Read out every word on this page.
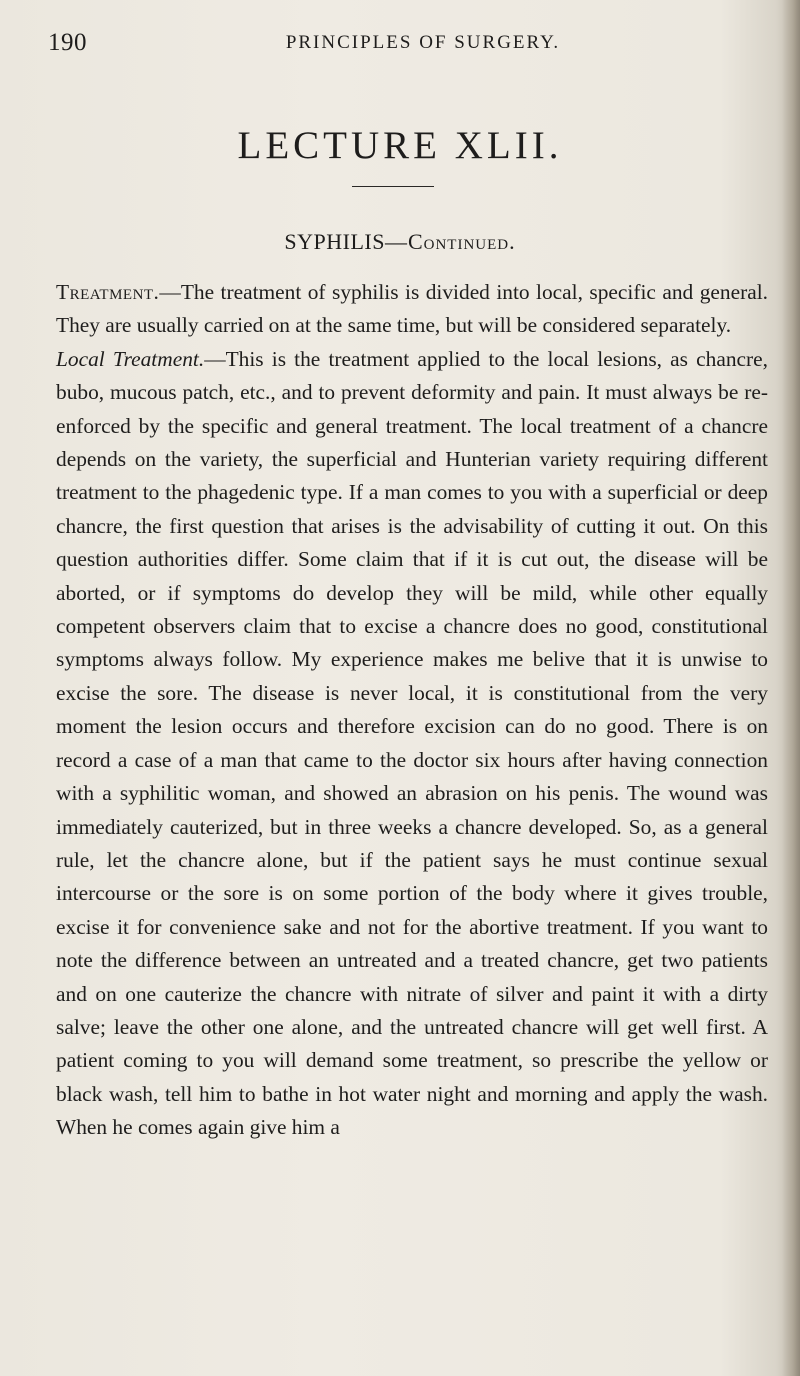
190	PRINCIPLES OF SURGERY.
LECTURE XLII.
SYPHILIS—Continued.

Treatment.—The treatment of syphilis is divided into local, specific and general. They are usually carried on at the same time, but will be considered separately.

Local Treatment.—This is the treatment applied to the local lesions, as chancre, bubo, mucous patch, etc., and to prevent deformity and pain. It must always be re-enforced by the specific and general treatment. The local treatment of a chancre depends on the variety, the superficial and Hunterian variety requiring different treatment to the phagedenic type. If a man comes to you with a superficial or deep chancre, the first question that arises is the advisability of cutting it out. On this question authorities differ. Some claim that if it is cut out, the disease will be aborted, or if symptoms do develop they will be mild, while other equally competent observers claim that to excise a chancre does no good, constitutional symptoms always follow. My experience makes me belive that it is unwise to excise the sore. The disease is never local, it is constitutional from the very moment the lesion occurs and therefore excision can do no good. There is on record a case of a man that came to the doctor six hours after having connection with a syphilitic woman, and showed an abrasion on his penis. The wound was immediately cauterized, but in three weeks a chancre developed. So, as a general rule, let the chancre alone, but if the patient says he must continue sexual intercourse or the sore is on some portion of the body where it gives trouble, excise it for convenience sake and not for the abortive treatment. If you want to note the difference between an untreated and a treated chancre, get two patients and on one cauterize the chancre with nitrate of silver and paint it with a dirty salve; leave the other one alone, and the untreated chancre will get well first. A patient coming to you will demand some treatment, so prescribe the yellow or black wash, tell him to bathe in hot water night and morning and apply the wash. When he comes again give him a
